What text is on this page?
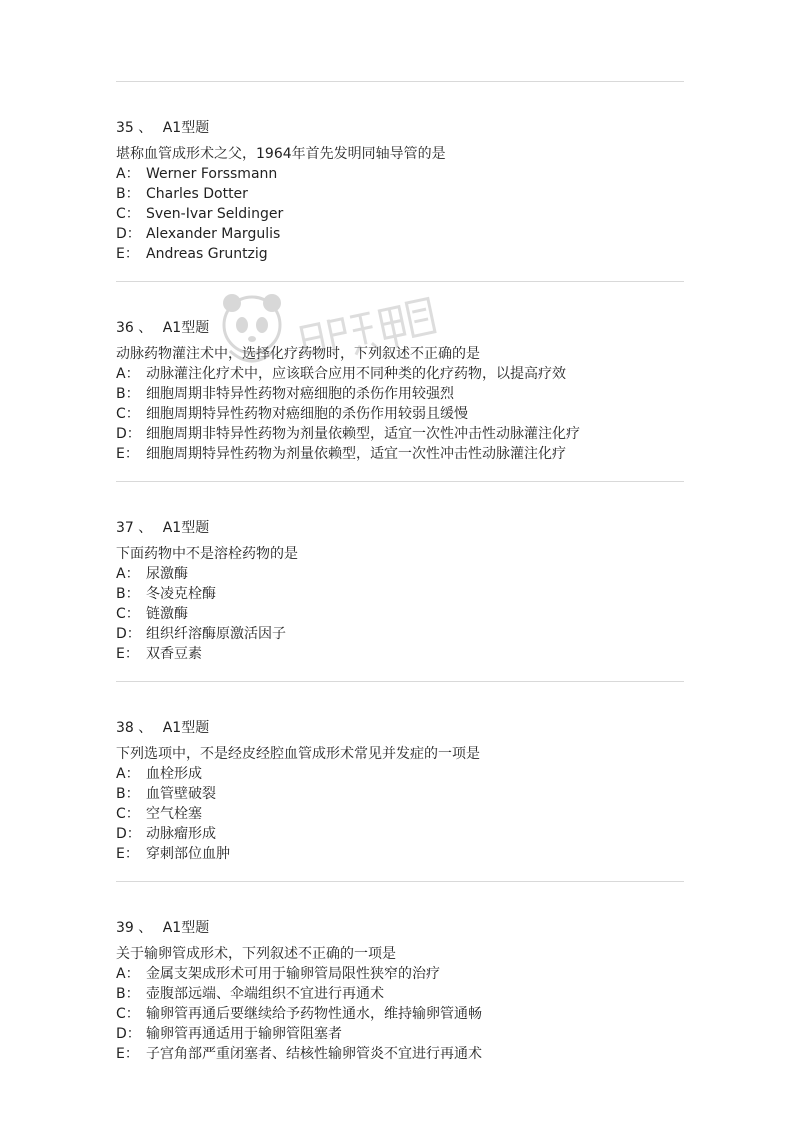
35 、 A1型题
堪称血管成形术之父，1964年首先发明同轴导管的是
A： Werner Forssmann
B： Charles Dotter
C： Sven-Ivar Seldinger
D： Alexander Margulis
E： Andreas Gruntzig
36 、 A1型题
动脉药物灌注术中，选择化疗药物时，下列叙述不正确的是
A： 动脉灌注化疗术中，应该联合应用不同种类的化疗药物，以提高疗效
B： 细胞周期非特异性药物对癌细胞的杀伤作用较强烈
C： 细胞周期特异性药物对癌细胞的杀伤作用较弱且缓慢
D： 细胞周期非特异性药物为剂量依赖型，适宜一次性冲击性动脉灌注化疗
E： 细胞周期特异性药物为剂量依赖型，适宜一次性冲击性动脉灌注化疗
37 、 A1型题
下面药物中不是溶栓药物的是
A： 尿激酶
B： 冬凌克栓酶
C： 链激酶
D： 组织纤溶酶原激活因子
E： 双香豆素
38 、 A1型题
下列选项中，不是经皮经腔血管成形术常见并发症的一项是
A： 血栓形成
B： 血管壁破裂
C： 空气栓塞
D： 动脉瘤形成
E： 穿刺部位血肿
39 、 A1型题
关于输卵管成形术，下列叙述不正确的一项是
A： 金属支架成形术可用于输卵管局限性狭窄的治疗
B： 壶腹部远端、伞端组织不宜进行再通术
C： 输卵管再通后要继续给予药物性通水，维持输卵管通畅
D： 输卵管再通适用于输卵管阻塞者
E： 子宫角部严重闭塞者、结核性输卵管炎不宜进行再通术
